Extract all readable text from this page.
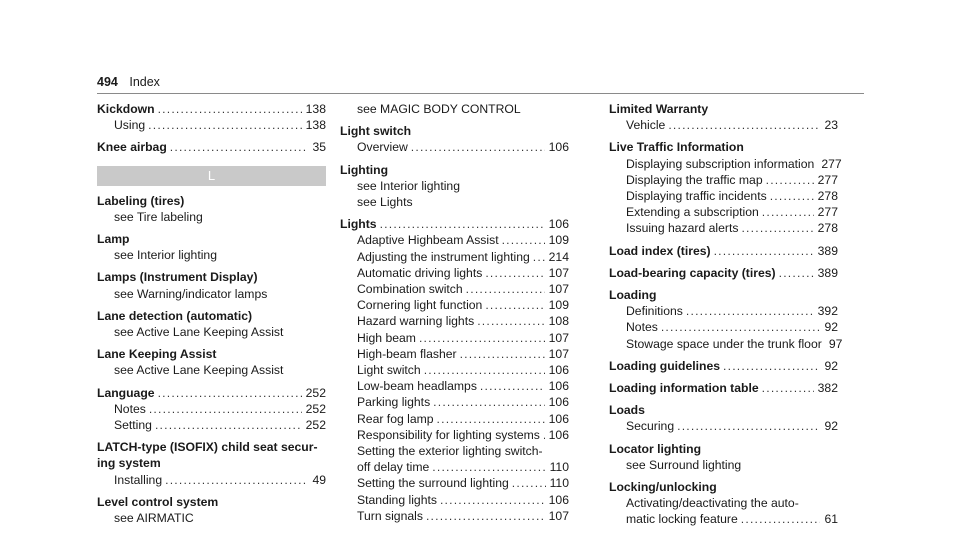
494 Index
Kickdown .....	138
Using .....	138
Knee airbag .....	35
L
Labeling (tires)
see Tire labeling
Lamp
see Interior lighting
Lamps (Instrument Display)
see Warning/indicator lamps
Lane detection (automatic)
see Active Lane Keeping Assist
Lane Keeping Assist
see Active Lane Keeping Assist
Language .....	252
Notes .....	252
Setting .....	252
LATCH-type (ISOFIX) child seat secur-
ing system
Installing .....	49
Level control system
see AIRMATIC
see MAGIC BODY CONTROL
Light switch
Overview .....	106
Lighting
see Interior lighting
see Lights
Lights .....	106
Adaptive Highbeam Assist .....	109
Adjusting the instrument lighting ..... 214
Automatic driving lights .....	107
Combination switch .....	107
Cornering light function .....	109
Hazard warning lights .....	108
High beam .....	107
High-beam flasher .....	107
Light switch .....	106
Low-beam headlamps .....	106
Parking lights .....	106
Rear fog lamp .....	106
Responsibility for lighting systems ..... 106
Setting the exterior lighting switch-
off delay time .....	110
Setting the surround lighting .....	110
Standing lights .....	106
Turn signals .....	107
Limited Warranty
Vehicle .....	23
Live Traffic Information
Displaying subscription information 277
Displaying the traffic map .....	277
Displaying traffic incidents .....	278
Extending a subscription .....	277
Issuing hazard alerts .....	278
Load index (tires) .....	389
Load-bearing capacity (tires) .....	389
Loading
Definitions .....	392
Notes .....	92
Stowage space under the trunk floor 97
Loading guidelines .....	92
Loading information table .....	382
Loads
Securing .....	92
Locator lighting
see Surround lighting
Locking/unlocking
Activating/deactivating the auto-
matic locking feature .....	61
